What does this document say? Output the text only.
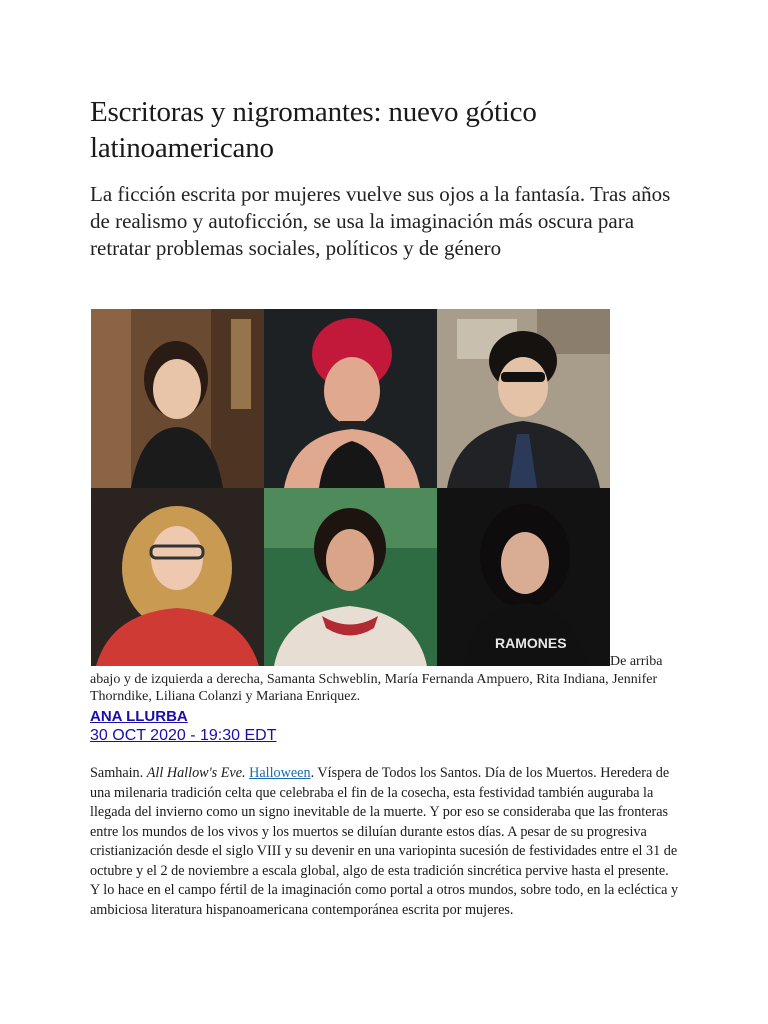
Escritoras y nigromantes: nuevo gótico latinoamericano

La ficción escrita por mujeres vuelve sus ojos a la fantasía. Tras años de realismo y autoficción, se usa la imaginación más oscura para retratar problemas sociales, políticos y de género

RAMONES
De arriba
abajo y de izquierda a derecha, Samanta Schweblin, María Fernanda Ampuero, Rita Indiana, Jennifer Thorndike, Liliana Colanzi y Mariana Enriquez.
ANA LLURBA
30 OCT 2020 - 19:30 EDT

Samhain. All Hallow's Eve. Halloween. Víspera de Todos los Santos. Día de los Muertos. Heredera de una milenaria tradición celta que celebraba el fin de la cosecha, esta festividad también auguraba la llegada del invierno como un signo inevitable de la muerte. Y por eso se consideraba que las fronteras entre los mundos de los vivos y los muertos se diluían durante estos días. A pesar de su progresiva cristianización desde el siglo VIII y su devenir en una variopinta sucesión de festividades entre el 31 de octubre y el 2 de noviembre a escala global, algo de esta tradición sincrética pervive hasta el presente. Y lo hace en el campo fértil de la imaginación como portal a otros mundos, sobre todo, en la ecléctica y ambiciosa literatura hispanoamericana contemporánea escrita por mujeres.
